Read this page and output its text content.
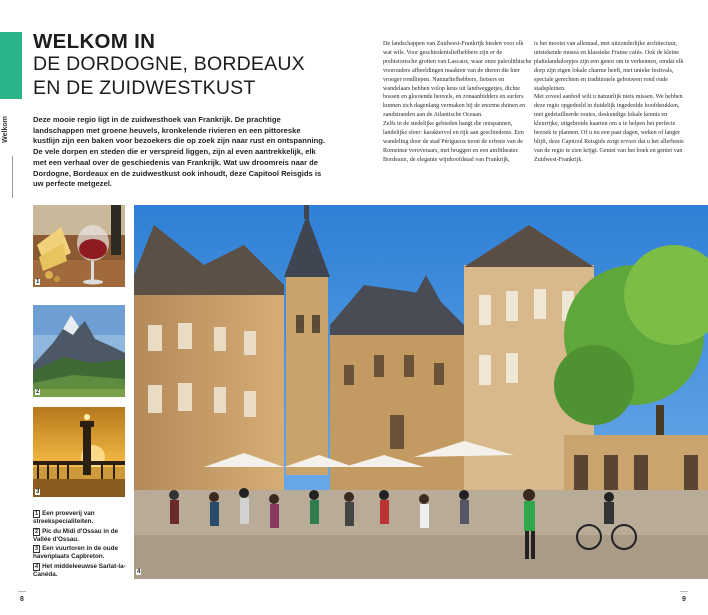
Welkom
WELKOM IN
DE DORDOGNE, BORDEAUX
EN DE ZUIDWESTKUST
Deze mooie regio ligt in de zuidwesthoek van Frankrijk. De prachtige landschappen met groene heuvels, kronkelende rivieren en een pittoreske kustlijn zijn een baken voor bezoekers die op zoek zijn naar rust en ontspanning. De vele dorpen en steden die er verspreid liggen, zijn al even aantrekkelijk, elk met een verhaal over de geschiedenis van Frankrijk. Wat uw droomreis naar de Dordogne, Bordeaux en de zuidwestkust ook inhoudt, deze Capitool Reisgids is uw perfecte metgezel.

De landschappen van Zuidwest-Frankrijk bieden voor elk wat wils. Voor geschiedenisliefhebbers zijn er de prehistorische grotten van Lascaux, waar onze paleolithische voorouders afbeeldingen maakten van de dieren die hier vroeger rondliepen. Natuurliefhebbers, fietsers en wandelaars hebben volop keus uit landweggetjes, dichte bossen en glooiende heuvels, en zonaanbidders en surfers kunnen zich dagenlang vermaken bij de enorme duinen en zandstranden aan de Atlantische Oceaan.

Zelfs in de stedelijke gebieden hangt die ontspannen, landelijke sfeer: karaktervol en rijk aan geschiedenis. Een wandeling door de stad Périgueux toont de erfenis van de Romeinse veroveraars, met bruggen en een amfitheater. Bordeaux, de elegante wijnhoofdstad van Frankrijk,

is het mooist van allemaal, met uitzonderlijke architectuur, uitstekende musea en klassieke Franse cafés. Ook de kleine plattelandsdorpjes zijn een genot om te verkennen, omdat elk dorp zijn eigen lokale charme heeft, met unieke festivals, speciale gerechten en traditionele gebouwen rond oude stadspleinen.

Met zoveel aanbod wilt u natuurlijk niets missen. We hebben deze regio opgedeeld in duidelijk ingedeelde hoofdstukken, met gedetailleerde routes, deskundige lokale kennis en kleurrijke, uitgebreide kaarten om u te helpen het perfecte bezoek te plannen. Of u nu een paar dagen, weken of langer blijft, deze Capitool Reisgids zorgt ervoor dat u het allerbeste van de regio te zien krijgt. Geniet van het boek en geniet van Zuidwest-Frankrijk.

1
2
3
4
1 Een proeverij van streekspecialiteiten.
2 Pic du Midi d'Ossau in de Vallée d'Ossau.
3 Een vuurtoren in de oude havenplaats Capbreton.
4 Het middeleeuwse Sarlat-la-Canéda.
8	9
